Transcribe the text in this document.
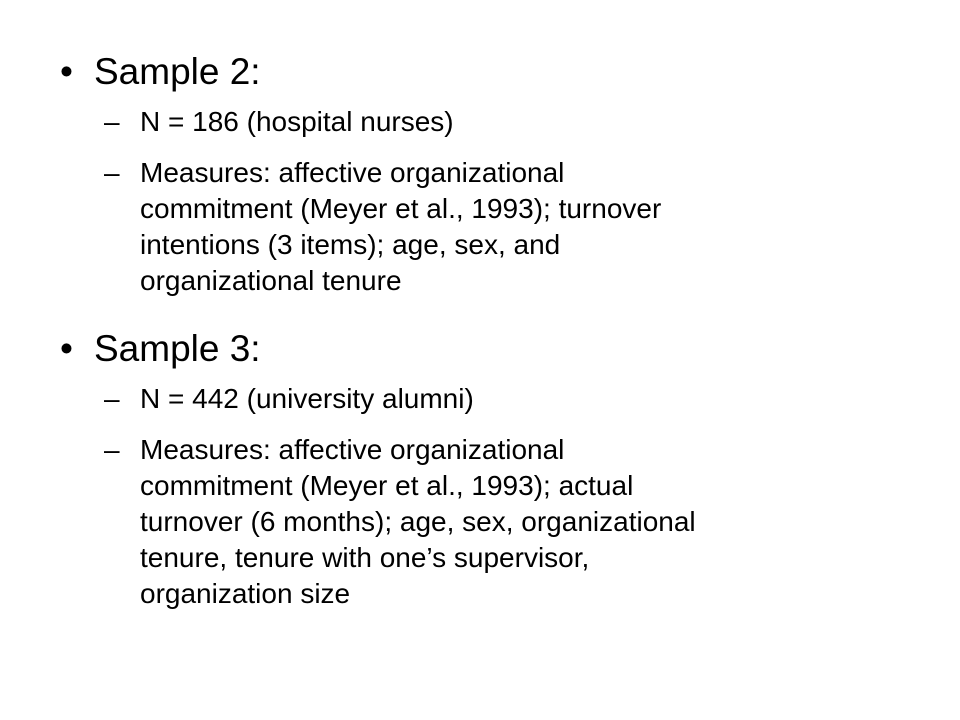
• Sample 2:
– N = 186 (hospital nurses)
– Measures: affective organizational
commitment (Meyer et al., 1993); turnover
intentions (3 items); age, sex, and
organizational tenure
• Sample 3:
– N = 442 (university alumni)
– Measures: affective organizational
commitment (Meyer et al., 1993); actual
turnover (6 months); age, sex, organizational
tenure, tenure with one’s supervisor,
organization size
